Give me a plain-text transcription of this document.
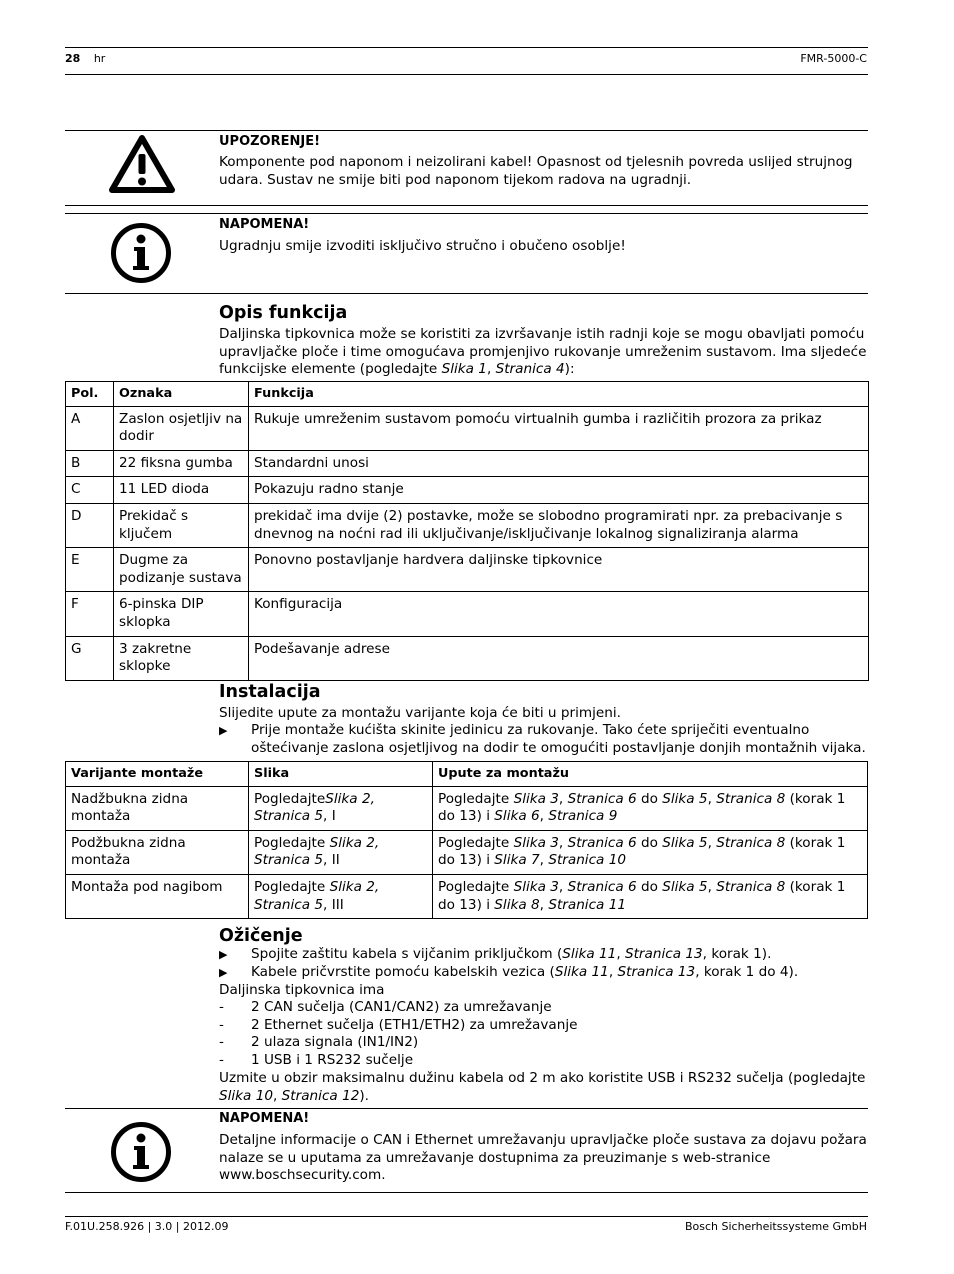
28 hr	FMR-5000-C
UPOZORENJE!
Komponente pod naponom i neizolirani kabel! Opasnost od tjelesnih povreda uslijed strujnog udara. Sustav ne smije biti pod naponom tijekom radova na ugradnji.
NAPOMENA!
Ugradnju smije izvoditi isključivo stručno i obučeno osoblje!
Opis funkcija
Daljinska tipkovnica može se koristiti za izvršavanje istih radnji koje se mogu obavljati pomoću upravljačke ploče i time omogućava promjenjivo rukovanje umreženim sustavom. Ima sljedeće funkcijske elemente (pogledajte Slika 1, Stranica 4):
Pol.	Oznaka	Funkcija
A	Zaslon osjetljiv na dodir	Rukuje umreženim sustavom pomoću virtualnih gumba i različitih prozora za prikaz
B	22 fiksna gumba	Standardni unosi
C	11 LED dioda	Pokazuju radno stanje
D	Prekidač s ključem	prekidač ima dvije (2) postavke, može se slobodno programirati npr. za prebacivanje s dnevnog na noćni rad ili uključivanje/isključivanje lokalnog signaliziranja alarma
E	Dugme za podizanje sustava	Ponovno postavljanje hardvera daljinske tipkovnice
F	6-pinska DIP sklopka	Konfiguracija
G	3 zakretne sklopke	Podešavanje adrese
Instalacija
Slijedite upute za montažu varijante koja će biti u primjeni.
▶ Prije montaže kućišta skinite jedinicu za rukovanje. Tako ćete spriječiti eventualno oštećivanje zaslona osjetljivog na dodir te omogućiti postavljanje donjih montažnih vijaka.
Varijante montaže	Slika	Upute za montažu
Nadžbukna zidna montaža	PogledajteSlika 2, Stranica 5, I	Pogledajte Slika 3, Stranica 6 do Slika 5, Stranica 8 (korak 1 do 13) i Slika 6, Stranica 9
Podžbukna zidna montaža	Pogledajte Slika 2, Stranica 5, II	Pogledajte Slika 3, Stranica 6 do Slika 5, Stranica 8 (korak 1 do 13) i Slika 7, Stranica 10
Montaža pod nagibom	Pogledajte Slika 2, Stranica 5, III	Pogledajte Slika 3, Stranica 6 do Slika 5, Stranica 8 (korak 1 do 13) i Slika 8, Stranica 11
Ožičenje
▶ Spojite zaštitu kabela s vijčanim priključkom (Slika 11, Stranica 13, korak 1).
▶ Kabele pričvrstite pomoću kabelskih vezica (Slika 11, Stranica 13, korak 1 do 4).
Daljinska tipkovnica ima
- 2 CAN sučelja (CAN1/CAN2) za umrežavanje
- 2 Ethernet sučelja (ETH1/ETH2) za umrežavanje
- 2 ulaza signala (IN1/IN2)
- 1 USB i 1 RS232 sučelje
Uzmite u obzir maksimalnu dužinu kabela od 2 m ako koristite USB i RS232 sučelja (pogledajte Slika 10, Stranica 12).
NAPOMENA!
Detaljne informacije o CAN i Ethernet umrežavanju upravljačke ploče sustava za dojavu požara nalaze se u uputama za umrežavanje dostupnima za preuzimanje s web-stranice www.boschsecurity.com.
F.01U.258.926 | 3.0 | 2012.09	Bosch Sicherheitssysteme GmbH
